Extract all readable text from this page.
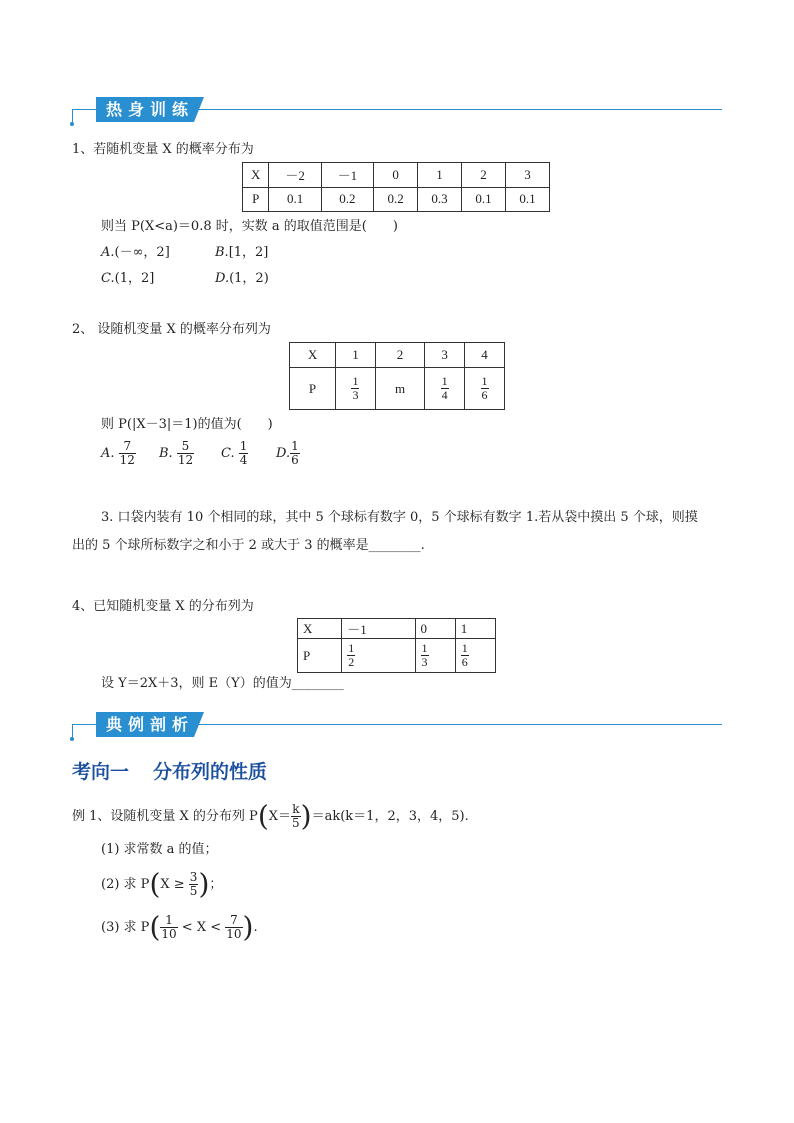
热身训练
1、若随机变量 X 的概率分布为
X	－2	－1	0	1	2	3
P	0.1	0.2	0.2	0.3	0.1	0.1
则当 P(X<a)＝0.8 时，实数 a 的取值范围是(　　)
A.(－∞，2]	B.[1，2]
C.(1，2]	D.(1，2)
2、 设随机变量 X 的概率分布列为
X	1	2	3	4
P	$\frac{1}{3}$	m	$\frac{1}{4}$	$\frac{1}{6}$
则 P(|X－3|＝1)的值为(　　)
A. $\frac{7}{12} B$. $\frac{5}{12} C$. $\frac{1}{4} D$. $\frac{1}{6}$
3. 口袋内装有 10 个相同的球，其中 5 个球标有数字 0，5 个球标有数字 1.若从袋中摸出 5 个球，则摸
出的 5 个球所标数字之和小于 2 或大于 3 的概率是________.
4、已知随机变量 X 的分布列为
X	－1	0	1
P	$\frac{1}{2}$	$\frac{1}{3}$	$\frac{1}{6}$
设 Y＝2X＋3，则 E（Y）的值为________
典例剖析
考向一 分布列的性质
例 1、设随机变量 X 的分布列 $P(X= \frac{k}{5} )=ak(k=1$，2，3，4，5).
(1) 求常数 a 的值；
(2) 求 $P(X \ge \frac{3}{5}$ )；
(3) 求 $P( \frac{1}{10} < X < \frac{7}{10}$ ).
